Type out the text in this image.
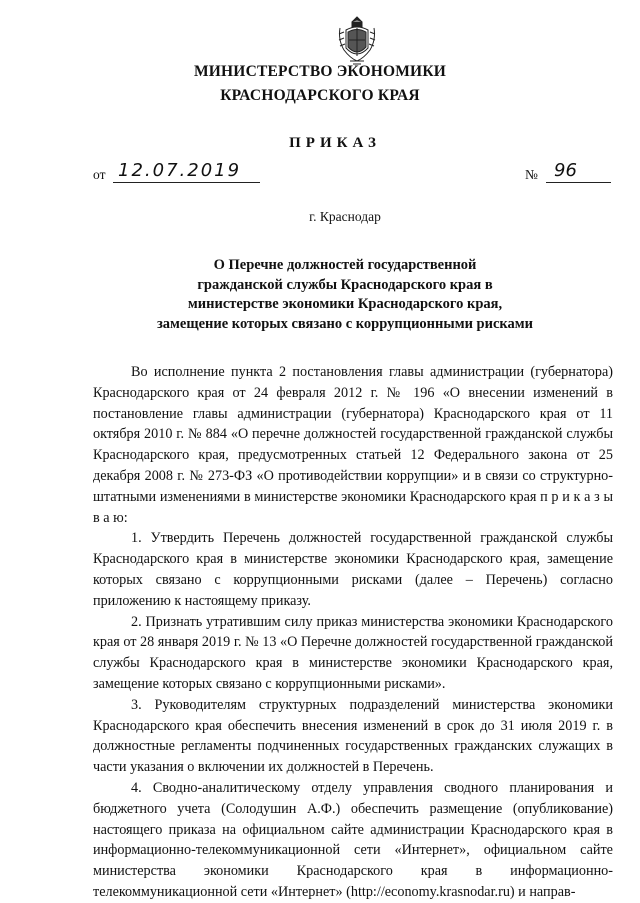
МИНИСТЕРСТВО ЭКОНОМИКИ
КРАСНОДАРСКОГО КРАЯ
ПРИКАЗ
от 12.07.2019	№ 96
г. Краснодар
О Перечне должностей государственной
гражданской службы Краснодарского края в
министерстве экономики Краснодарского края,
замещение которых связано с коррупционными рисками

Во исполнение пункта 2 постановления главы администрации (губернатора) Краснодарского края от 24 февраля 2012 г. № 196 «О внесении изменений в постановление главы администрации (губернатора) Краснодарского края от 11 октября 2010 г. № 884 «О перечне должностей государственной гражданской службы Краснодарского края, предусмотренных статьей 12 Федерального закона от 25 декабря 2008 г. № 273-ФЗ «О противодействии коррупции» и в связи со структурно-штатными изменениями в министерстве экономики Краснодарского края п р и к а з ы в а ю:

1. Утвердить Перечень должностей государственной гражданской службы Краснодарского края в министерстве экономики Краснодарского края, замещение которых связано с коррупционными рисками (далее – Перечень) согласно приложению к настоящему приказу.

2. Признать утратившим силу приказ министерства экономики Краснодарского края от 28 января 2019 г. № 13 «О Перечне должностей государственной гражданской службы Краснодарского края в министерстве экономики Краснодарского края, замещение которых связано с коррупционными рисками».

3. Руководителям структурных подразделений министерства экономики Краснодарского края обеспечить внесения изменений в срок до 31 июля 2019 г. в должностные регламенты подчиненных государственных гражданских служащих в части указания о включении их должностей в Перечень.

4. Сводно-аналитическому отделу управления сводного планирования и бюджетного учета (Солодушин А.Ф.) обеспечить размещение (опубликование) настоящего приказа на официальном сайте администрации Краснодарского края в информационно-телекоммуникационной сети «Интернет», официальном сайте министерства экономики Краснодарского края в информационно-телекоммуникационной сети «Интернет» (http://economy.krasnodar.ru) и направ-
